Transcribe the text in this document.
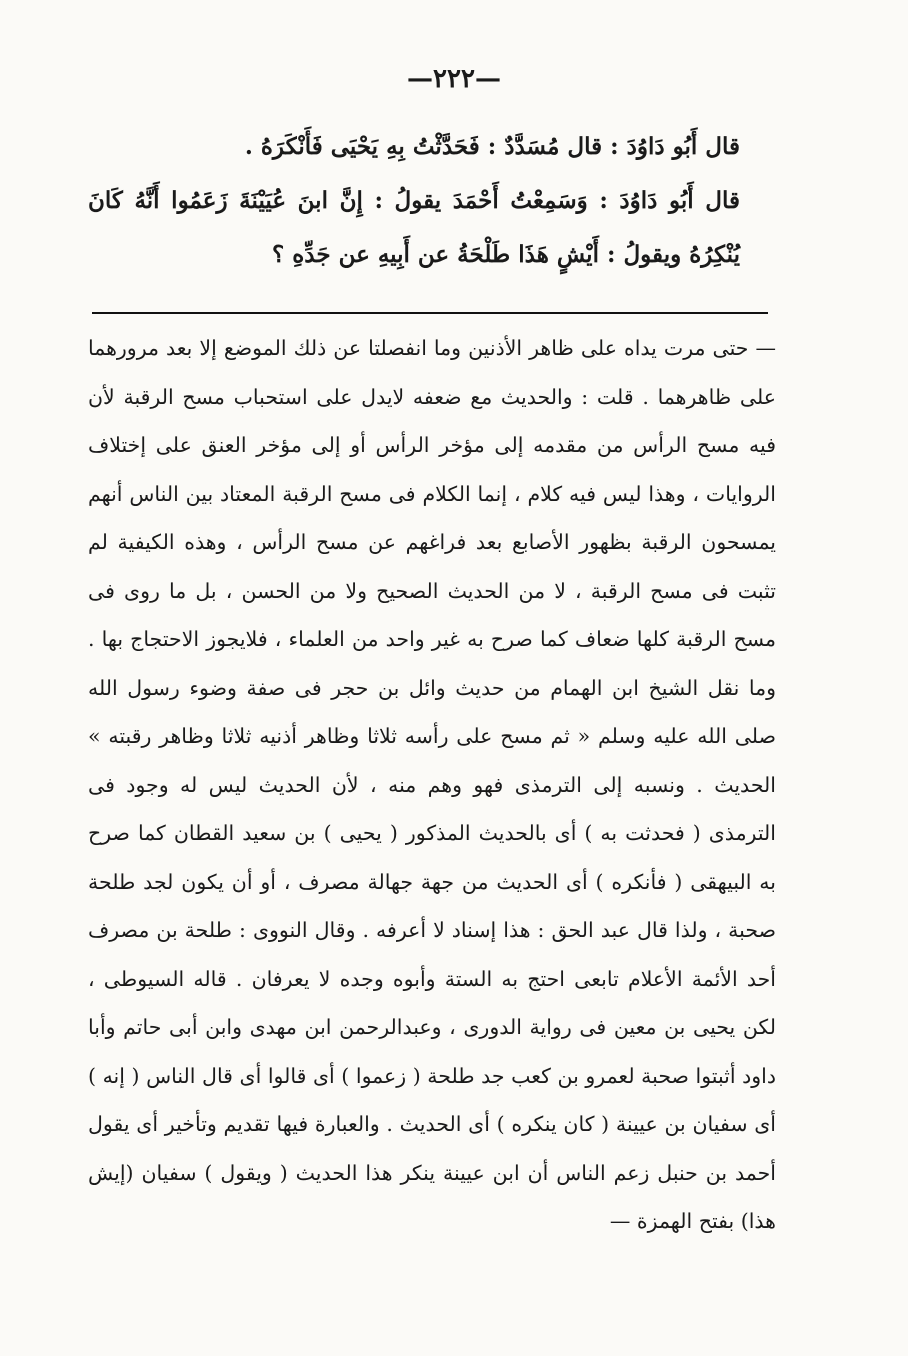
—٢٢٢—

قال أَبُو دَاوُدَ : قال مُسَدَّدٌ : فَحَدَّثْتُ بِهِ يَحْيَى فَأَنْكَرَهُ .

قال أَبُو دَاوُدَ : وَسَمِعْتُ أَحْمَدَ يقولُ : إِنَّ ابنَ عُيَيْنَةَ زَعَمُوا أَنَّهُ كَانَ يُنْكِرُهُ ويقولُ : أَيْشٍ هَذَا طَلْحَةُ عن أَبِيهِ عن جَدِّهِ ؟

— حتى مرت يداه على ظاهر الأذنين وما انفصلتا عن ذلك الموضع إلا بعد مرورهما على ظاهرهما . قلت : والحديث مع ضعفه لايدل على استحباب مسح الرقبة لأن فيه مسح الرأس من مقدمه إلى مؤخر الرأس أو إلى مؤخر العنق على إختلاف الروايات ، وهذا ليس فيه كلام ، إنما الكلام فى مسح الرقبة المعتاد بين الناس أنهم يمسحون الرقبة بظهور الأصابع بعد فراغهم عن مسح الرأس ، وهذه الكيفية لم تثبت فى مسح الرقبة ، لا من الحديث الصحيح ولا من الحسن ، بل ما روى فى مسح الرقبة كلها ضعاف كما صرح به غير واحد من العلماء ، فلايجوز الاحتجاج بها . وما نقل الشيخ ابن الهمام من حديث وائل بن حجر فى صفة وضوء رسول الله صلى الله عليه وسلم « ثم مسح على رأسه ثلاثا وظاهر أذنيه ثلاثا وظاهر رقبته » الحديث . ونسبه إلى الترمذى فهو وهم منه ، لأن الحديث ليس له وجود فى الترمذى ( فحدثت به ) أى بالحديث المذكور ( يحيى ) بن سعيد القطان كما صرح به البيهقى ( فأنكره ) أى الحديث من جهة جهالة مصرف ، أو أن يكون لجد طلحة صحبة ، ولذا قال عبد الحق : هذا إسناد لا أعرفه . وقال النووى : طلحة بن مصرف أحد الأئمة الأعلام تابعى احتج به الستة وأبوه وجده لا يعرفان . قاله السيوطى ، لكن يحيى بن معين فى رواية الدورى ، وعبدالرحمن ابن مهدى وابن أبى حاتم وأبا داود أثبتوا صحبة لعمرو بن كعب جد طلحة ( زعموا ) أى قالوا أى قال الناس ( إنه ) أى سفيان بن عيينة ( كان ينكره ) أى الحديث . والعبارة فيها تقديم وتأخير أى يقول أحمد بن حنبل زعم الناس أن ابن عيينة ينكر هذا الحديث ( ويقول ) سفيان (إيش هذا) بفتح الهمزة —
